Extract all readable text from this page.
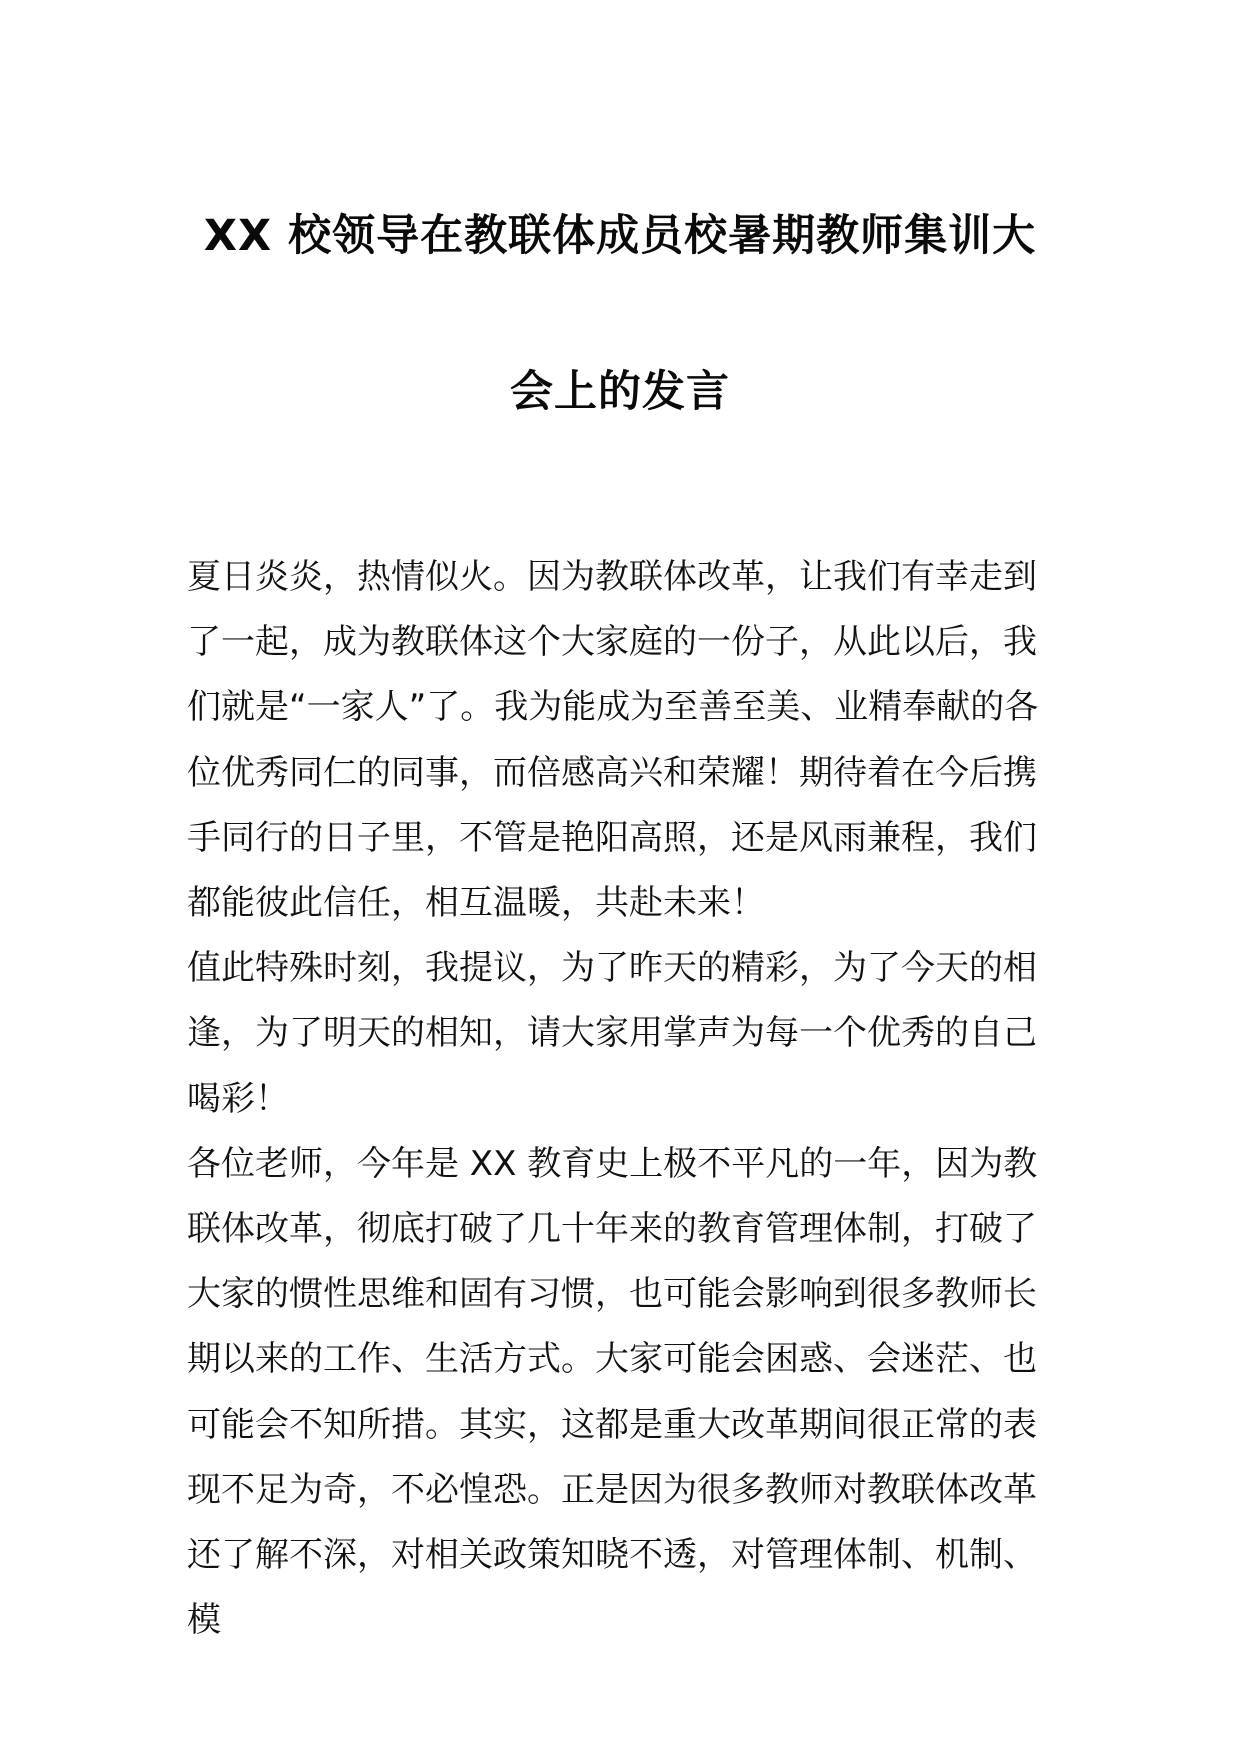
XX 校领导在教联体成员校暑期教师集训大
会上的发言

夏日炎炎，热情似火。因为教联体改革，让我们有幸走到了一起，成为教联体这个大家庭的一份子，从此以后，我们就是“一家人”了。我为能成为至善至美、业精奉献的各位优秀同仁的同事，而倍感高兴和荣耀！期待着在今后携手同行的日子里，不管是艳阳高照，还是风雨兼程，我们都能彼此信任，相互温暖，共赴未来！

值此特殊时刻，我提议，为了昨天的精彩，为了今天的相逢，为了明天的相知，请大家用掌声为每一个优秀的自己喝彩！

各位老师，今年是 XX 教育史上极不平凡的一年，因为教联体改革，彻底打破了几十年来的教育管理体制，打破了大家的惯性思维和固有习惯，也可能会影响到很多教师长期以来的工作、生活方式。大家可能会困惑、会迷茫、也可能会不知所措。其实，这都是重大改革期间很正常的表现不足为奇，不必惶恐。正是因为很多教师对教联体改革还了解不深，对相关政策知晓不透，对管理体制、机制、模
